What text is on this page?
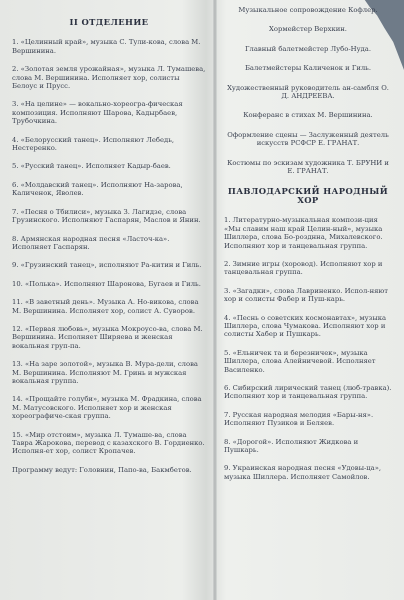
II ОТДЕЛЕНИЕ
1. «Целинный край», музыка С. Тули-кова, слова М. Вершинина.
2. «Золотая земля урожайная», музыка Л. Тумашева, слова М. Вершинина. Исполняет хор, солисты Белоус и Прусс.
3. «На целине» — вокально-хореогра-фическая композиция. Исполняют Шарова, Кадырбаев, Трубочкина.
4. «Белорусский танец». Исполняют Лебедь, Нестеренко.
5. «Русский танец». Исполняет Кадыр-баев.
6. «Молдавский танец». Исполняют На-зарова, Каличенок, Яволев.
7. «Песня о Тбилиси», музыка З. Лагидзе, слова Грузинского. Исполняют Гаспарян, Маслов и Янин.
8. Армянская народная песня «Ласточ-ка». Исполняет Гаспарян.
9. «Грузинский танец», исполняют Ра-китин и Гиль.
10. «Полька». Исполняют Шаронова, Бугаев и Гиль.
11. «В заветный день». Музыка А. Но-викова, слова М. Вершинина. Исполняет хор, солист А. Суворов.
12. «Первая любовь», музыка Мокроусо-ва, слова М. Вершинина. Исполняет Ширяева и женская вокальная груп-па.
13. «На заре золотой», музыка В. Мура-дели, слова М. Вершинина. Исполняют М. Гринь и мужская вокальная группа.
14. «Прощайте голуби», музыка М. Фрадкина, слова М. Матусовского. Исполняет хор и женская хореографиче-ская группа.
15. «Мир отстоим», музыка Л. Тумаше-ва, слова Тавра Жарокова, перевод с казахского В. Гордиенко. Исполня-ет хор, солист Кропачев.
Программу ведут: Головнин, Папо-ва, Бакмбетов.
Музыкальное сопровождение Кофлер.
Хормейстер Верхкин.
Главный балетмейстер Лубо-Нуда.
Балетмейстеры Каличенок и Гиль.
Художественный руководитель ан-самбля О. Д. АНДРЕЕВА.
Конферанс в стихах М. Вершинина.
Оформление сцены — Заслуженный деятель искусств РСФСР Е. ГРАНАТ.
Костюмы по эскизам художника Т. БРУНИ и Е. ГРАНАТ.
ПАВЛОДАРСКИЙ НАРОДНЫЙ ХОР
1. Литературно-музыкальная компози-ция «Мы славим наш край Целин-ный», музыка Шиллера, слова Бо-розднна, Михалевского. Исполняют хор и танцевальная группа.
2. Зимние игры (хоровод). Исполняют хор и танцевальная группа.
3. «Загадки», слова Лавриненко. Испол-няют хор и солисты Фабер и Пуш-карь.
4. «Песнь о советских космонавтах», музыка Шиллера, слова Чумакова. Исполняют хор и солисты Хабер и Пушкарь.
5. «Ельничек та и березничек», музыка Шиллера, слова Алейничевой. Исполняет Василенко.
6. Сибирский лирический танец (люб-травка). Исполняют хор и танцевальная группа.
7. Русская народная мелодия «Бары-ня». Исполняют Пузиков и Беляев.
8. «Дорогой». Исполняют Жидкова и Пушкарь.
9. Украинская народная песня «Удовы-ца», музыка Шиллера. Исполняет Самойлов.
